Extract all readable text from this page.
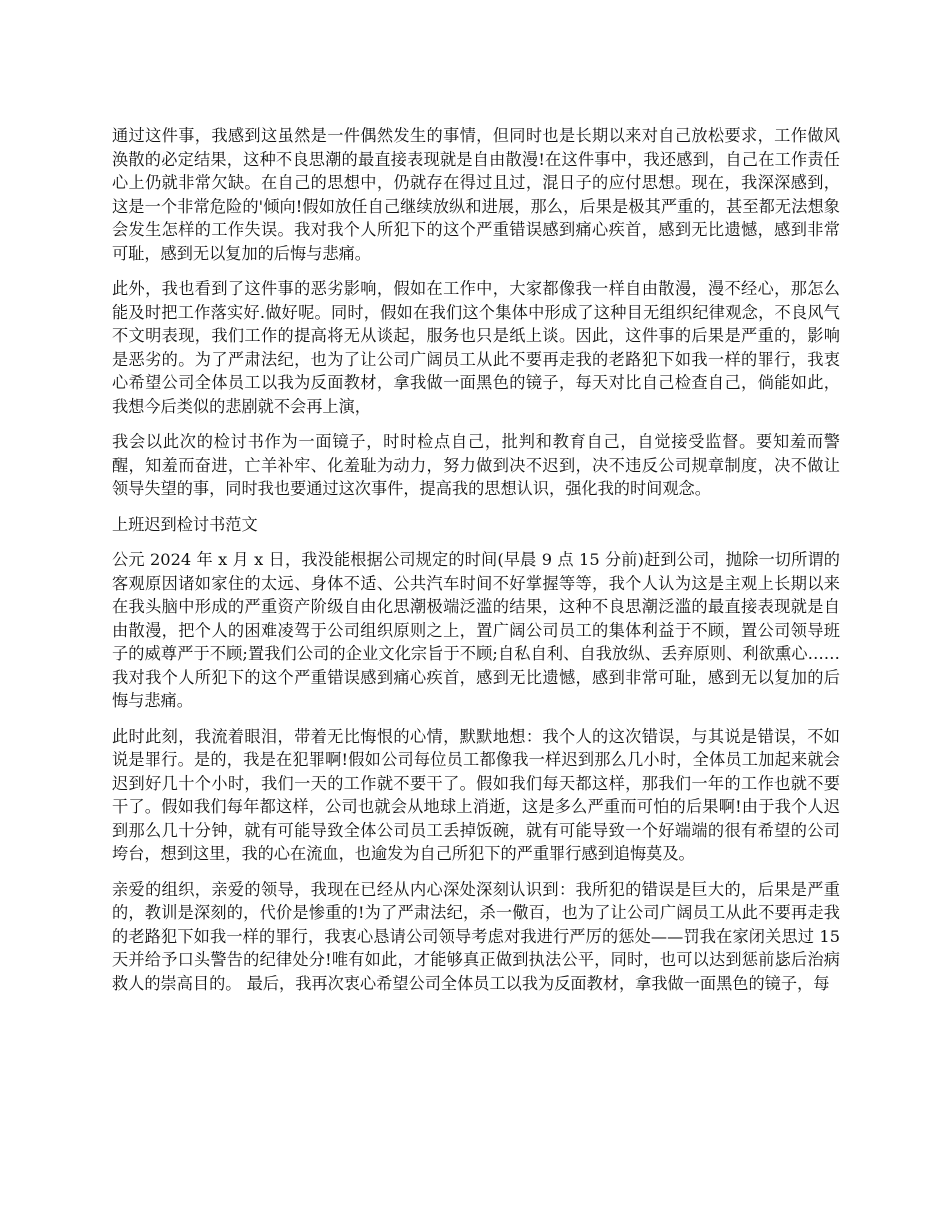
通过这件事，我感到这虽然是一件偶然发生的事情，但同时也是长期以来对自己放松要求，工作做风涣散的必定结果，这种不良思潮的最直接表现就是自由散漫!在这件事中，我还感到，自己在工作责任心上仍就非常欠缺。在自己的思想中，仍就存在得过且过，混日子的应付思想。现在，我深深感到，这是一个非常危险的'倾向!假如放任自己继续放纵和进展，那么，后果是极其严重的，甚至都无法想象会发生怎样的工作失误。我对我个人所犯下的这个严重错误感到痛心疾首，感到无比遗憾，感到非常可耻，感到无以复加的后悔与悲痛。

此外，我也看到了这件事的恶劣影响，假如在工作中，大家都像我一样自由散漫，漫不经心，那怎么能及时把工作落实好.做好呢。同时，假如在我们这个集体中形成了这种目无组织纪律观念，不良风气 不文明表现，我们工作的提高将无从谈起，服务也只是纸上谈。因此，这件事的后果是严重的，影响是恶劣的。为了严肃法纪，也为了让公司广阔员工从此不要再走我的老路犯下如我一样的罪行，我衷心希望公司全体员工以我为反面教材，拿我做一面黑色的镜子，每天对比自己检查自己，倘能如此，我想今后类似的悲剧就不会再上演，

我会以此次的检讨书作为一面镜子，时时检点自己，批判和教育自己，自觉接受监督。要知羞而警醒，知羞而奋进，亡羊补牢、化羞耻为动力，努力做到决不迟到，决不违反公司规章制度，决不做让领导失望的事，同时我也要通过这次事件，提高我的思想认识，强化我的时间观念。

上班迟到检讨书范文

公元 2024 年 x 月 x 日，我没能根据公司规定的时间(早晨 9 点 15 分前)赶到公司，抛除一切所谓的客观原因诸如家住的太远、身体不适、公共汽车时间不好掌握等等，我个人认为这是主观上长期以来在我头脑中形成的严重资产阶级自由化思潮极端泛滥的结果，这种不良思潮泛滥的最直接表现就是自由散漫，把个人的困难凌驾于公司组织原则之上，置广阔公司员工的集体利益于不顾，置公司领导班子的威尊严于不顾;置我们公司的企业文化宗旨于不顾;自私自利、自我放纵、丢弃原则、利欲熏心……我对我个人所犯下的这个严重错误感到痛心疾首，感到无比遗憾，感到非常可耻，感到无以复加的后悔与悲痛。

此时此刻，我流着眼泪，带着无比悔恨的心情，默默地想：我个人的这次错误，与其说是错误，不如说是罪行。是的，我是在犯罪啊!假如公司每位员工都像我一样迟到那么几小时，全体员工加起来就会迟到好几十个小时，我们一天的工作就不要干了。假如我们每天都这样，那我们一年的工作也就不要干了。假如我们每年都这样，公司也就会从地球上消逝，这是多么严重而可怕的后果啊!由于我个人迟到那么几十分钟，就有可能导致全体公司员工丢掉饭碗，就有可能导致一个好端端的很有希望的公司垮台，想到这里，我的心在流血，也逾发为自己所犯下的严重罪行感到追悔莫及。

亲爱的组织，亲爱的领导，我现在已经从内心深处深刻认识到：我所犯的错误是巨大的，后果是严重的，教训是深刻的，代价是惨重的!为了严肃法纪，杀一儆百，也为了让公司广阔员工从此不要再走我的老路犯下如我一样的罪行，我衷心恳请公司领导考虑对我进行严厉的惩处——罚我在家闭关思过 15 天并给予口头警告的纪律处分!唯有如此，才能够真正做到执法公平，同时，也可以达到惩前毖后治病救人的崇高目的。 最后，我再次衷心希望公司全体员工以我为反面教材，拿我做一面黑色的镜子，每
